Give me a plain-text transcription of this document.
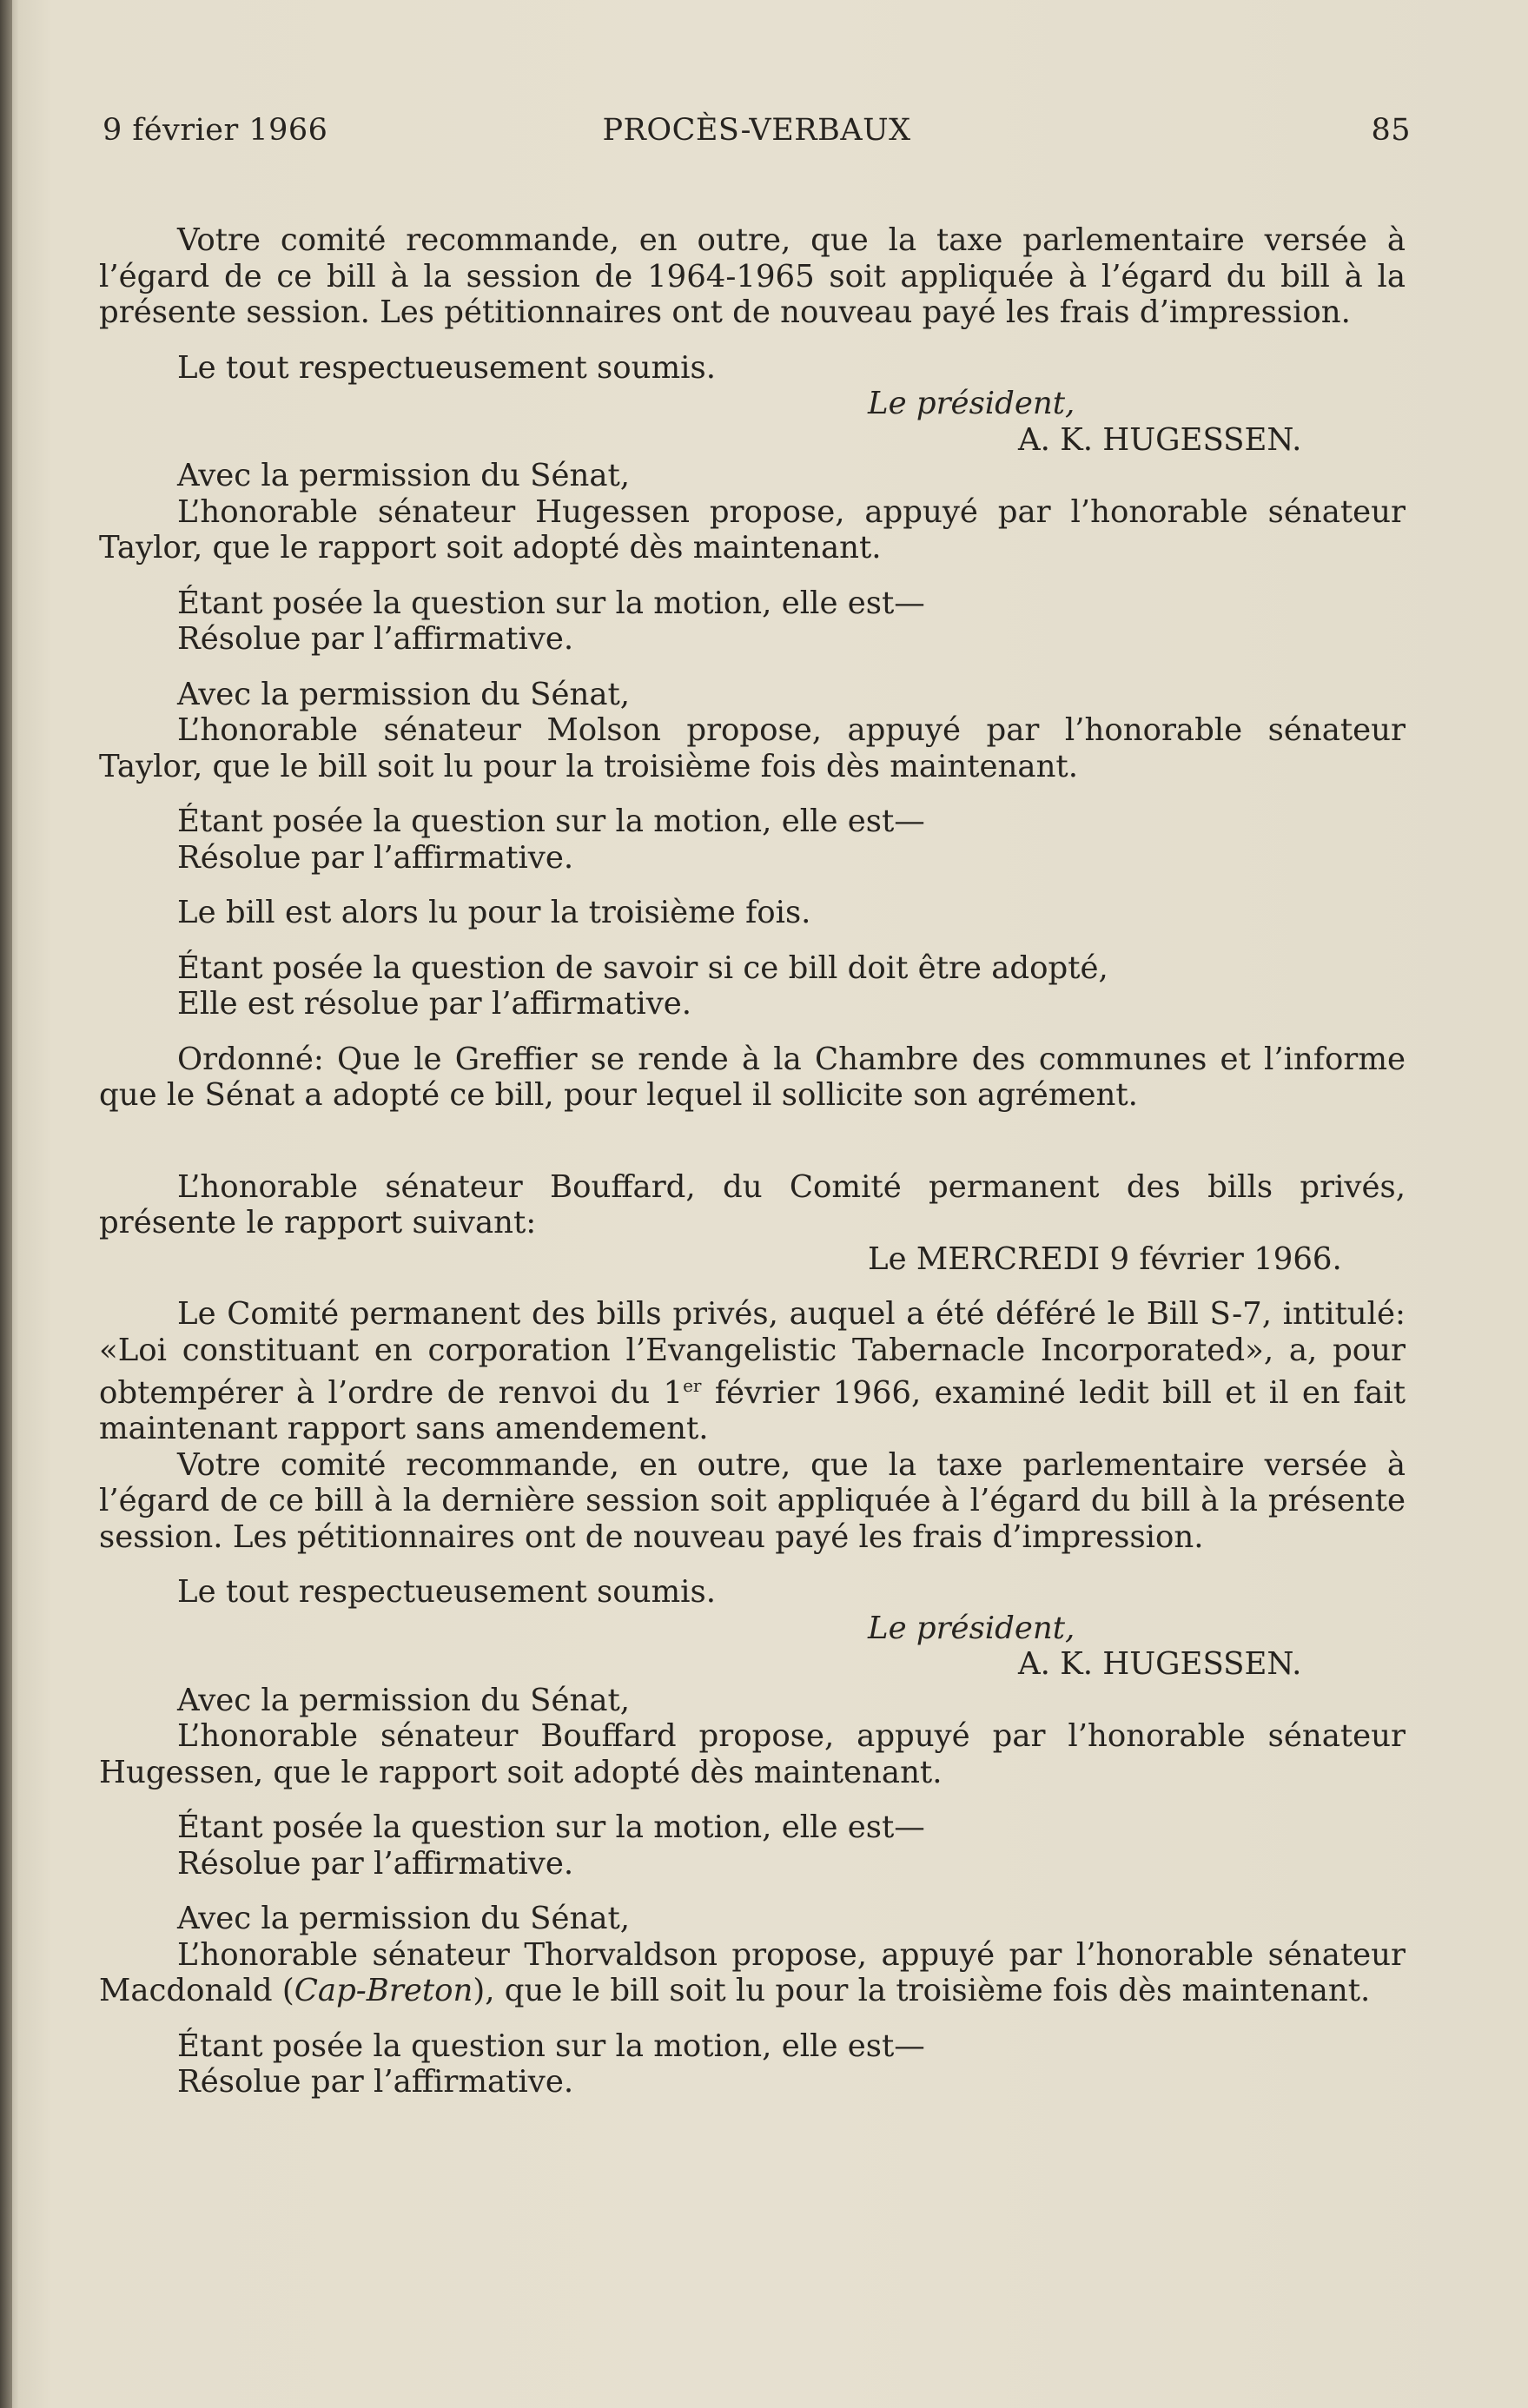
9 février 1966	PROCÈS-VERBAUX	85

Votre comité recommande, en outre, que la taxe parlementaire versée à l’égard de ce bill à la session de 1964-1965 soit appliquée à l’égard du bill à la présente session. Les pétitionnaires ont de nouveau payé les frais d’impression.

Le tout respectueusement soumis.

Le président,

A. K. HUGESSEN.

Avec la permission du Sénat,

L’honorable sénateur Hugessen propose, appuyé par l’honorable sénateur Taylor, que le rapport soit adopté dès maintenant.

Étant posée la question sur la motion, elle est—

Résolue par l’affirmative.

Avec la permission du Sénat,

L’honorable sénateur Molson propose, appuyé par l’honorable sénateur Taylor, que le bill soit lu pour la troisième fois dès maintenant.

Étant posée la question sur la motion, elle est—

Résolue par l’affirmative.

Le bill est alors lu pour la troisième fois.

Étant posée la question de savoir si ce bill doit être adopté,

Elle est résolue par l’affirmative.

Ordonné: Que le Greffier se rende à la Chambre des communes et l’informe que le Sénat a adopté ce bill, pour lequel il sollicite son agrément.

L’honorable sénateur Bouffard, du Comité permanent des bills privés, présente le rapport suivant:

Le MERCREDI 9 février 1966.

Le Comité permanent des bills privés, auquel a été déféré le Bill S-7, intitulé: «Loi constituant en corporation l’Evangelistic Tabernacle Incorporated», a, pour obtempérer à l’ordre de renvoi du 1er février 1966, examiné ledit bill et il en fait maintenant rapport sans amendement.

Votre comité recommande, en outre, que la taxe parlementaire versée à l’égard de ce bill à la dernière session soit appliquée à l’égard du bill à la présente session. Les pétitionnaires ont de nouveau payé les frais d’impression.

Le tout respectueusement soumis.

Le président,

A. K. HUGESSEN.

Avec la permission du Sénat,

L’honorable sénateur Bouffard propose, appuyé par l’honorable sénateur Hugessen, que le rapport soit adopté dès maintenant.

Étant posée la question sur la motion, elle est—

Résolue par l’affirmative.

Avec la permission du Sénat,

L’honorable sénateur Thorvaldson propose, appuyé par l’honorable sénateur Macdonald (Cap-Breton), que le bill soit lu pour la troisième fois dès maintenant.

Étant posée la question sur la motion, elle est—

Résolue par l’affirmative.
